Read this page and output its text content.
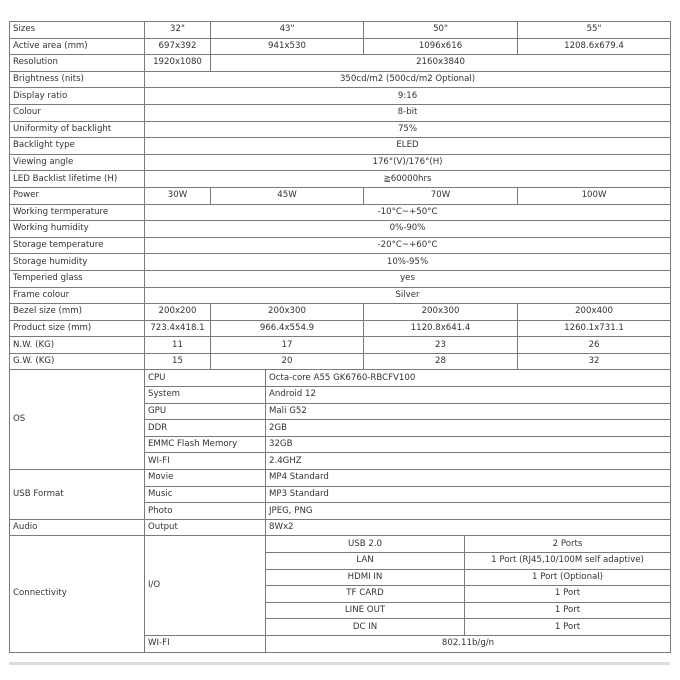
Sizes	32"	43"		50"		55"
Active area (mm)	697x392	941x530		1096x616		1208.6x679.4
Resolution	1920x1080	2160x3840				
Brightness (nits)	350cd/m2 (500cd/m2 Optional)					
Display ratio	9:16					
Colour	8-bit					
Uniformity of backlight	75%					
Backlight type	ELED					
Viewing angle	176°(V)/176°(H)					
LED Backlist lifetime (H)	≧60000hrs					
Power	30W	45W		70W		100W
Working termperature	-10°C~+50°C					
Working humidity	0%-90%					
Storage temperature	-20°C~+60°C					
Storage humidity	10%-95%					
Temperied glass	yes					
Frame colour	Silver					
Bezel size (mm)	200x200	200x300		200x300		200x400
Product size (mm)	723.4x418.1	966.4x554.9		1120.8x641.4		1260.1x731.1
N.W. (KG)	11	17		23		26
G.W. (KG)	15	20		28		32
OS	CPU		Octa-core A55 GK6760-RBCFV100			
	System		Android 12			
	GPU		Mali G52			
	DDR		2GB			
	EMMC Flash Memory		32GB			
	WI-FI		2.4GHZ			
USB Format	Movie		MP4 Standard			
	Music		MP3 Standard			
	Photo		JPEG, PNG			
Audio	Output		8Wx2			
Connectivity	I/O		USB 2.0		2 Ports	
			LAN		1 Port (RJ45,10/100M self adaptive)	
			HDMI IN		1 Port (Optional)	
			TF CARD		1 Port	
			LINE OUT		1 Port	
			DC IN		1 Port	
	WI-FI		802.11b/g/n			
